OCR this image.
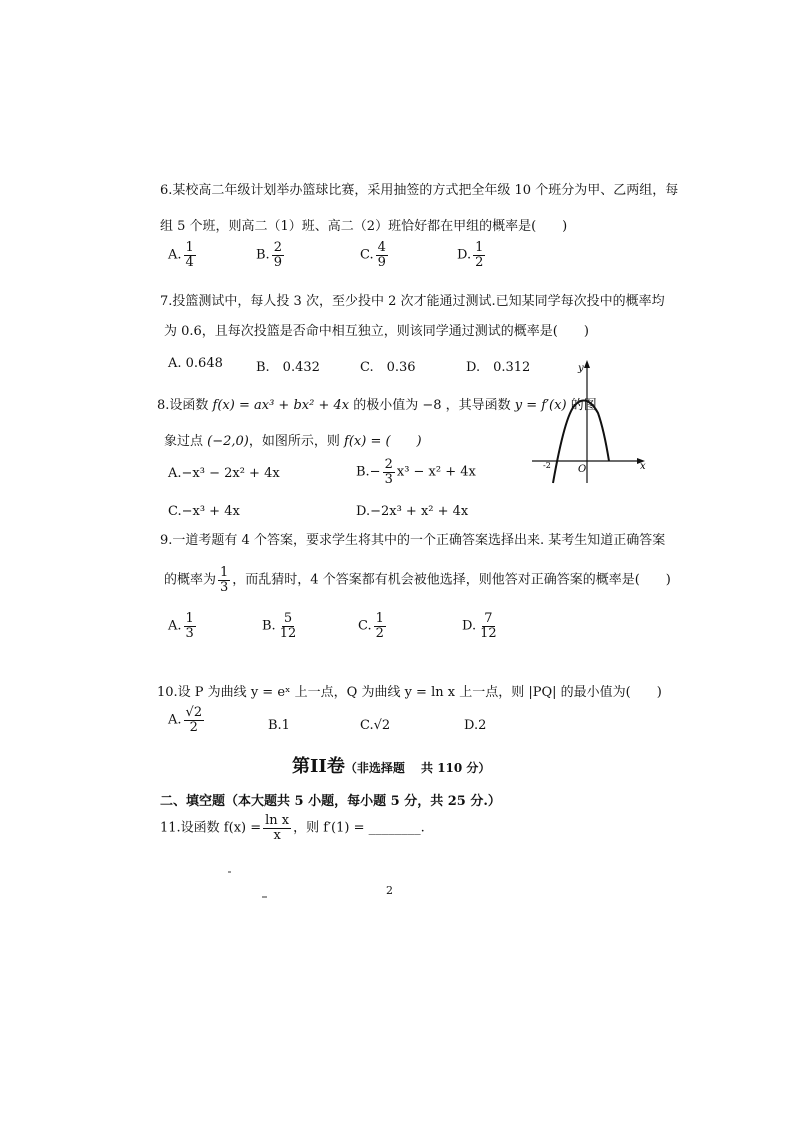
6.某校高二年级计划举办篮球比赛，采用抽签的方式把全年级 10 个班分为甲、乙两组，每
组 5 个班，则高二（1）班、高二（2）班恰好都在甲组的概率是(　　)
A. $\frac{1}{4}$	B. $\frac{2}{9}$	C. $\frac{4}{9}$	D. $\frac{1}{2}$
7.投篮测试中，每人投 3 次，至少投中 2 次才能通过测试.已知某同学每次投中的概率均
为 0.6，且每次投篮是否命中相互独立，则该同学通过测试的概率是(　　)
A. 0.648	B.　0.432	C.　0.36	D.　0.312
8.设函数 f(x) = ax³ + bx² + 4x 的极小值为 −8 ，其导函数 y = f′(x) 的图
象过点 (−2,0)，如图所示，则 f(x) = (　　)
A.−x³ − 2x² + 4x	$B.- \frac{2}{3} x^3 - x^2 + 4x$
C.−x³ + 4x	D.−2x³ + x² + 4x
y
x
O
-2
9.一道考题有 4 个答案，要求学生将其中的一个正确答案选择出来. 某考生知道正确答案
的概率为 $\frac{1}{3}$ ，而乱猜时，4 个答案都有机会被他选择，则他答对正确答案的概率是(　　)
A. $\frac{1}{3}$	B. $\frac{5}{12}$	C. $\frac{1}{2}$	D. $\frac{7}{12}$
10.设 P 为曲线 y = eˣ 上一点，Q 为曲线 y = ln x 上一点，则 |PQ| 的最小值为(　　)
A. $\frac{√2}{2}$	B.1	C.√2	D.2
第II卷（非选择题　 共 110 分）
二、填空题（本大题共 5 小题，每小题 5 分，共 25 分.）
11.设函数 $f(x) = \frac{\text{ln x}}{x}$ ，则 f′(1) = ________.
2
